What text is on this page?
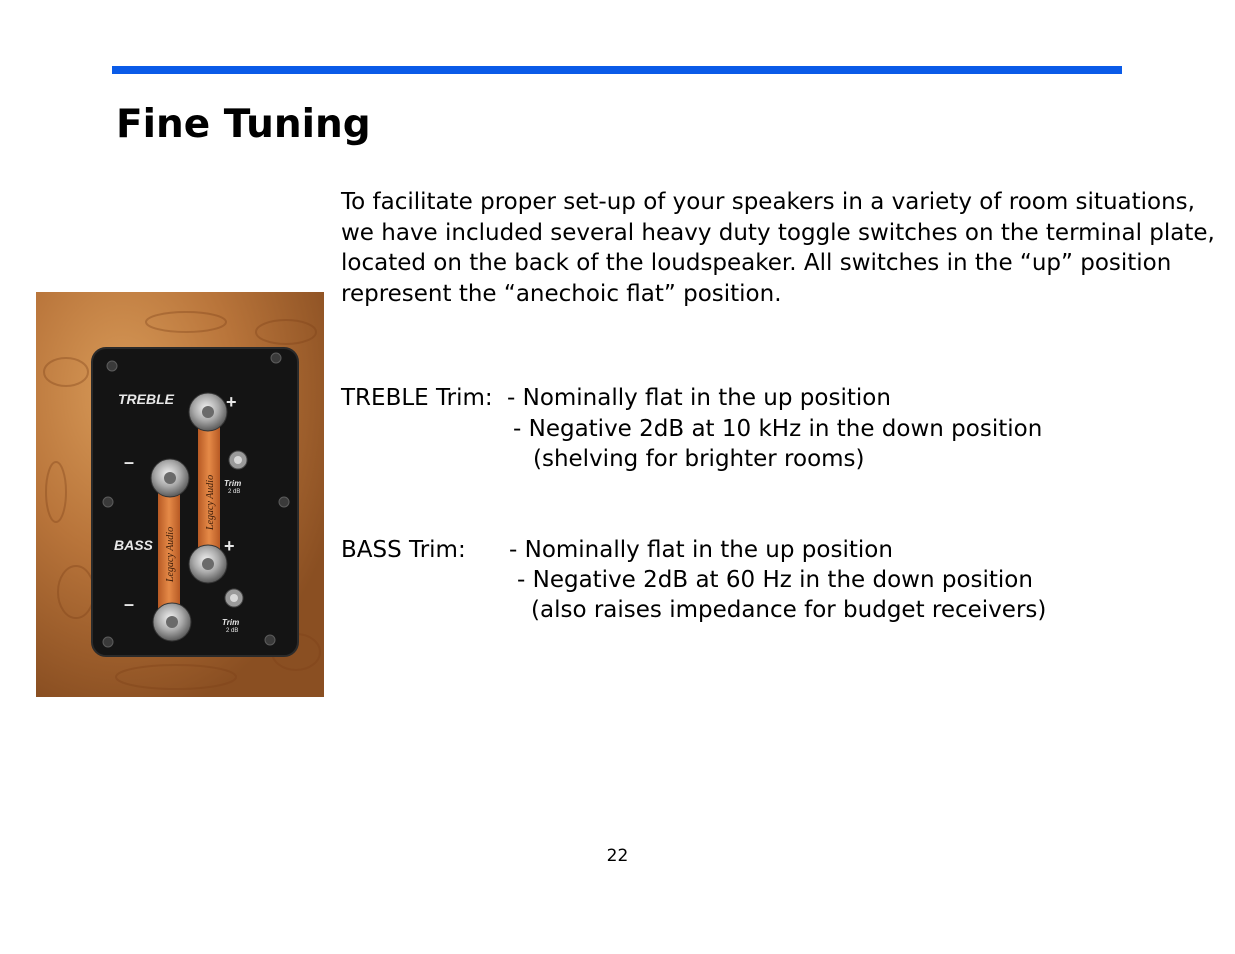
Fine Tuning
To facilitate proper set-up of your speakers in a variety of room situations, we have included several heavy duty toggle switches on the terminal plate, located on the back of the loudspeaker. All switches in the “up” position represent the “anechoic flat” position.
TREBLE Trim: - Nominally flat in the up position
- Negative 2dB at 10 kHz in the down position
(shelving for brighter rooms)
BASS Trim: - Nominally flat in the up position
- Negative 2dB at 60 Hz in the down position
(also raises impedance for budget receivers)
TREBLE
BASS
+
–
+
–
Trim
2 dB
Trim
2 dB
Legacy Audio
Legacy Audio
22
